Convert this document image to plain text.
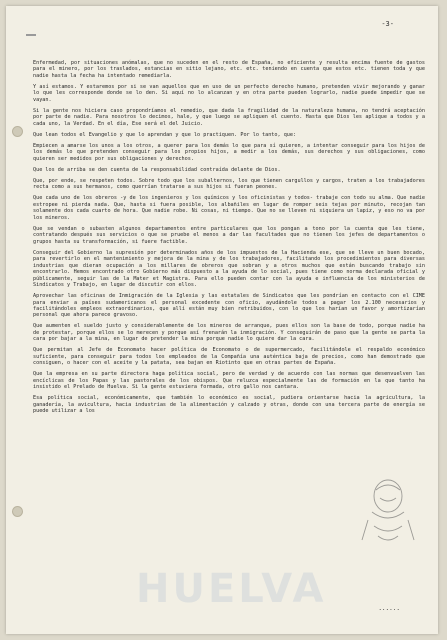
-3-

Enfermedad, por situaciones anómalas, que no suceden en el resto de España, no eficiente y resulta encima fuente de gastos para el minero, por los traslados, estancias en sitio lejano, etc. etc. teniendo en cuenta que estos etc. tienen toda y que nadie hasta la fecha ha intentado remediarla.

Y así estamos. Y estaremos por si se van aquellos que en uso de un perfecto derecho humano, pretenden vivir mejorando y ganar lo que les corresponde donde se lo den. Si aquí no lo alcanzan y en otra parte pueden lograrlo, nadie puede impedir que se vayan.

Si la gente nos hiciera caso propondríamos el remedio, que dada la fragilidad de la naturaleza humana, no tendrá aceptación por parte de nadie. Para nosotros lo decimos, hale, y que luego se apliquen el cuento. Hasta que Dios les aplique a todos y a cada uno, la Verdad. En el día, Ese será el del Juicio.

Que lean todos el Evangelio y que lo aprendan y que lo practiquen. Por lo tanto, que:

Empiecen a amarse los unos a los otros, a querer para los demás lo que para sí quieren, a intentar conseguir para los hijos de los demás lo que pretenden conseguir para los propios hijos, a medir a los demás, sus derechos y sus obligaciones, como quieren ser medidos por sus obligaciones y derechos.

Que los de arriba se den cuenta de la responsabilidad contraída delante de Dios.

Que, por ende, se respeten todos. Sobre todo que los subalternos, los que tienen cargullos y cargos, traten a los trabajadores recta como a sus hermanos, como querrían tratarse a sus hijos si fueran peones.

Que cada uno de los obreros -y de los ingenieros y los químicos y los oficinistas y todos- trabaje con todo su alma. Que nadie estropee ni pierda nada. Que, hasta si fuera posible, los albañiles en lugar de romper seis tejas por minuto, recojan tan solamente dos cada cuarto de hora. Que nadie robe. Ni cosas, ni tiempo. Que no se lleven ni siquiera un lapiz, y eso no va por los mineros.

Que se vendan o subasten algunos departamentos entre particulares que los pongan a tono por la cuenta que les tiene, contratando después sus servicios o que se pruebe el menos a dar las facultades que no tienen los jefes de departamentos o grupos hasta su transformación, si fuere factible.

Conseguir del Gobierno la supresión por determinados años de los impuestos de la Hacienda ese, que se lleve un buen bocado, para revertirlo en el mantenimiento y mejora de la mina y de los trabajadores, facilitando los procedimientos para diversas industrias que dieran ocupación a los millares de obreros que sobran y a otros muchos que están buscando trabajo sin encontrarlo. Hemos encontrado otro Gobierno más dispuesto a la ayuda de lo social, pues tiene como norma declarada oficial y públicamente, seguir las de la Mater et Magistra. Para ello pueden contar con la ayuda e influencia de los ministerios de Sindicatos y Trabajo, en lugar de discutir con ellos.

Aprovechar las oficinas de Inmigración de la Iglesia y las estatales de Sindicatos que les pondrían en contacto con el CIME para enviar a países sudamericanos el personal excedente con oficio, ayudándole todos a pagar los 2.100 necesarios y facilitándoles empleos extraordinarios, que allí están muy bien retribuidos, con lo que los harían un favor y amortizarían personal que ahora parece gravoso.

Que aumenten el sueldo justo y considerablemente de los mineros de arranque, pues ellos son la base de todo, porque nadie ha de protestar, porque ellos se lo merecen y porque así frenarán la inmigración. Y conseguirán de paso que la gente se parta la cara por bajar a la mina, en lugar de pretender la mina porque nadie lo quiere dar la cara.

Que permitan al Jefe de Economato hacer política de Economato o de supermercado, facilitándole el respaldo económico suficiente, para conseguir para todos los empleados de la Compañía una auténtica baja de precios, como han demostrado que consiguen, o hacer con el aceite y la patata, sea bajan en Riotinto que en otras partes de España.

Que la empresa en su parte directora haga política social, pero de verdad y de acuerdo con las normas que desenvuelven las encíclicas de los Papas y las pastorales de los obispos. Que reluzca especialmente las de formación en la que tanto ha insistido el Prelado de Huelva. Si la gente estuviera formada, otro gallo nos cantara.

Esa política social, económicamente, que también lo económico es social, pudiera orientarse hacia la agricultura, la ganadería, la avicultura, hacia industrias de la alimentación y calzado y otras, donde con una tercera parte de energía se puede utilizar a los

HUELVA	......
